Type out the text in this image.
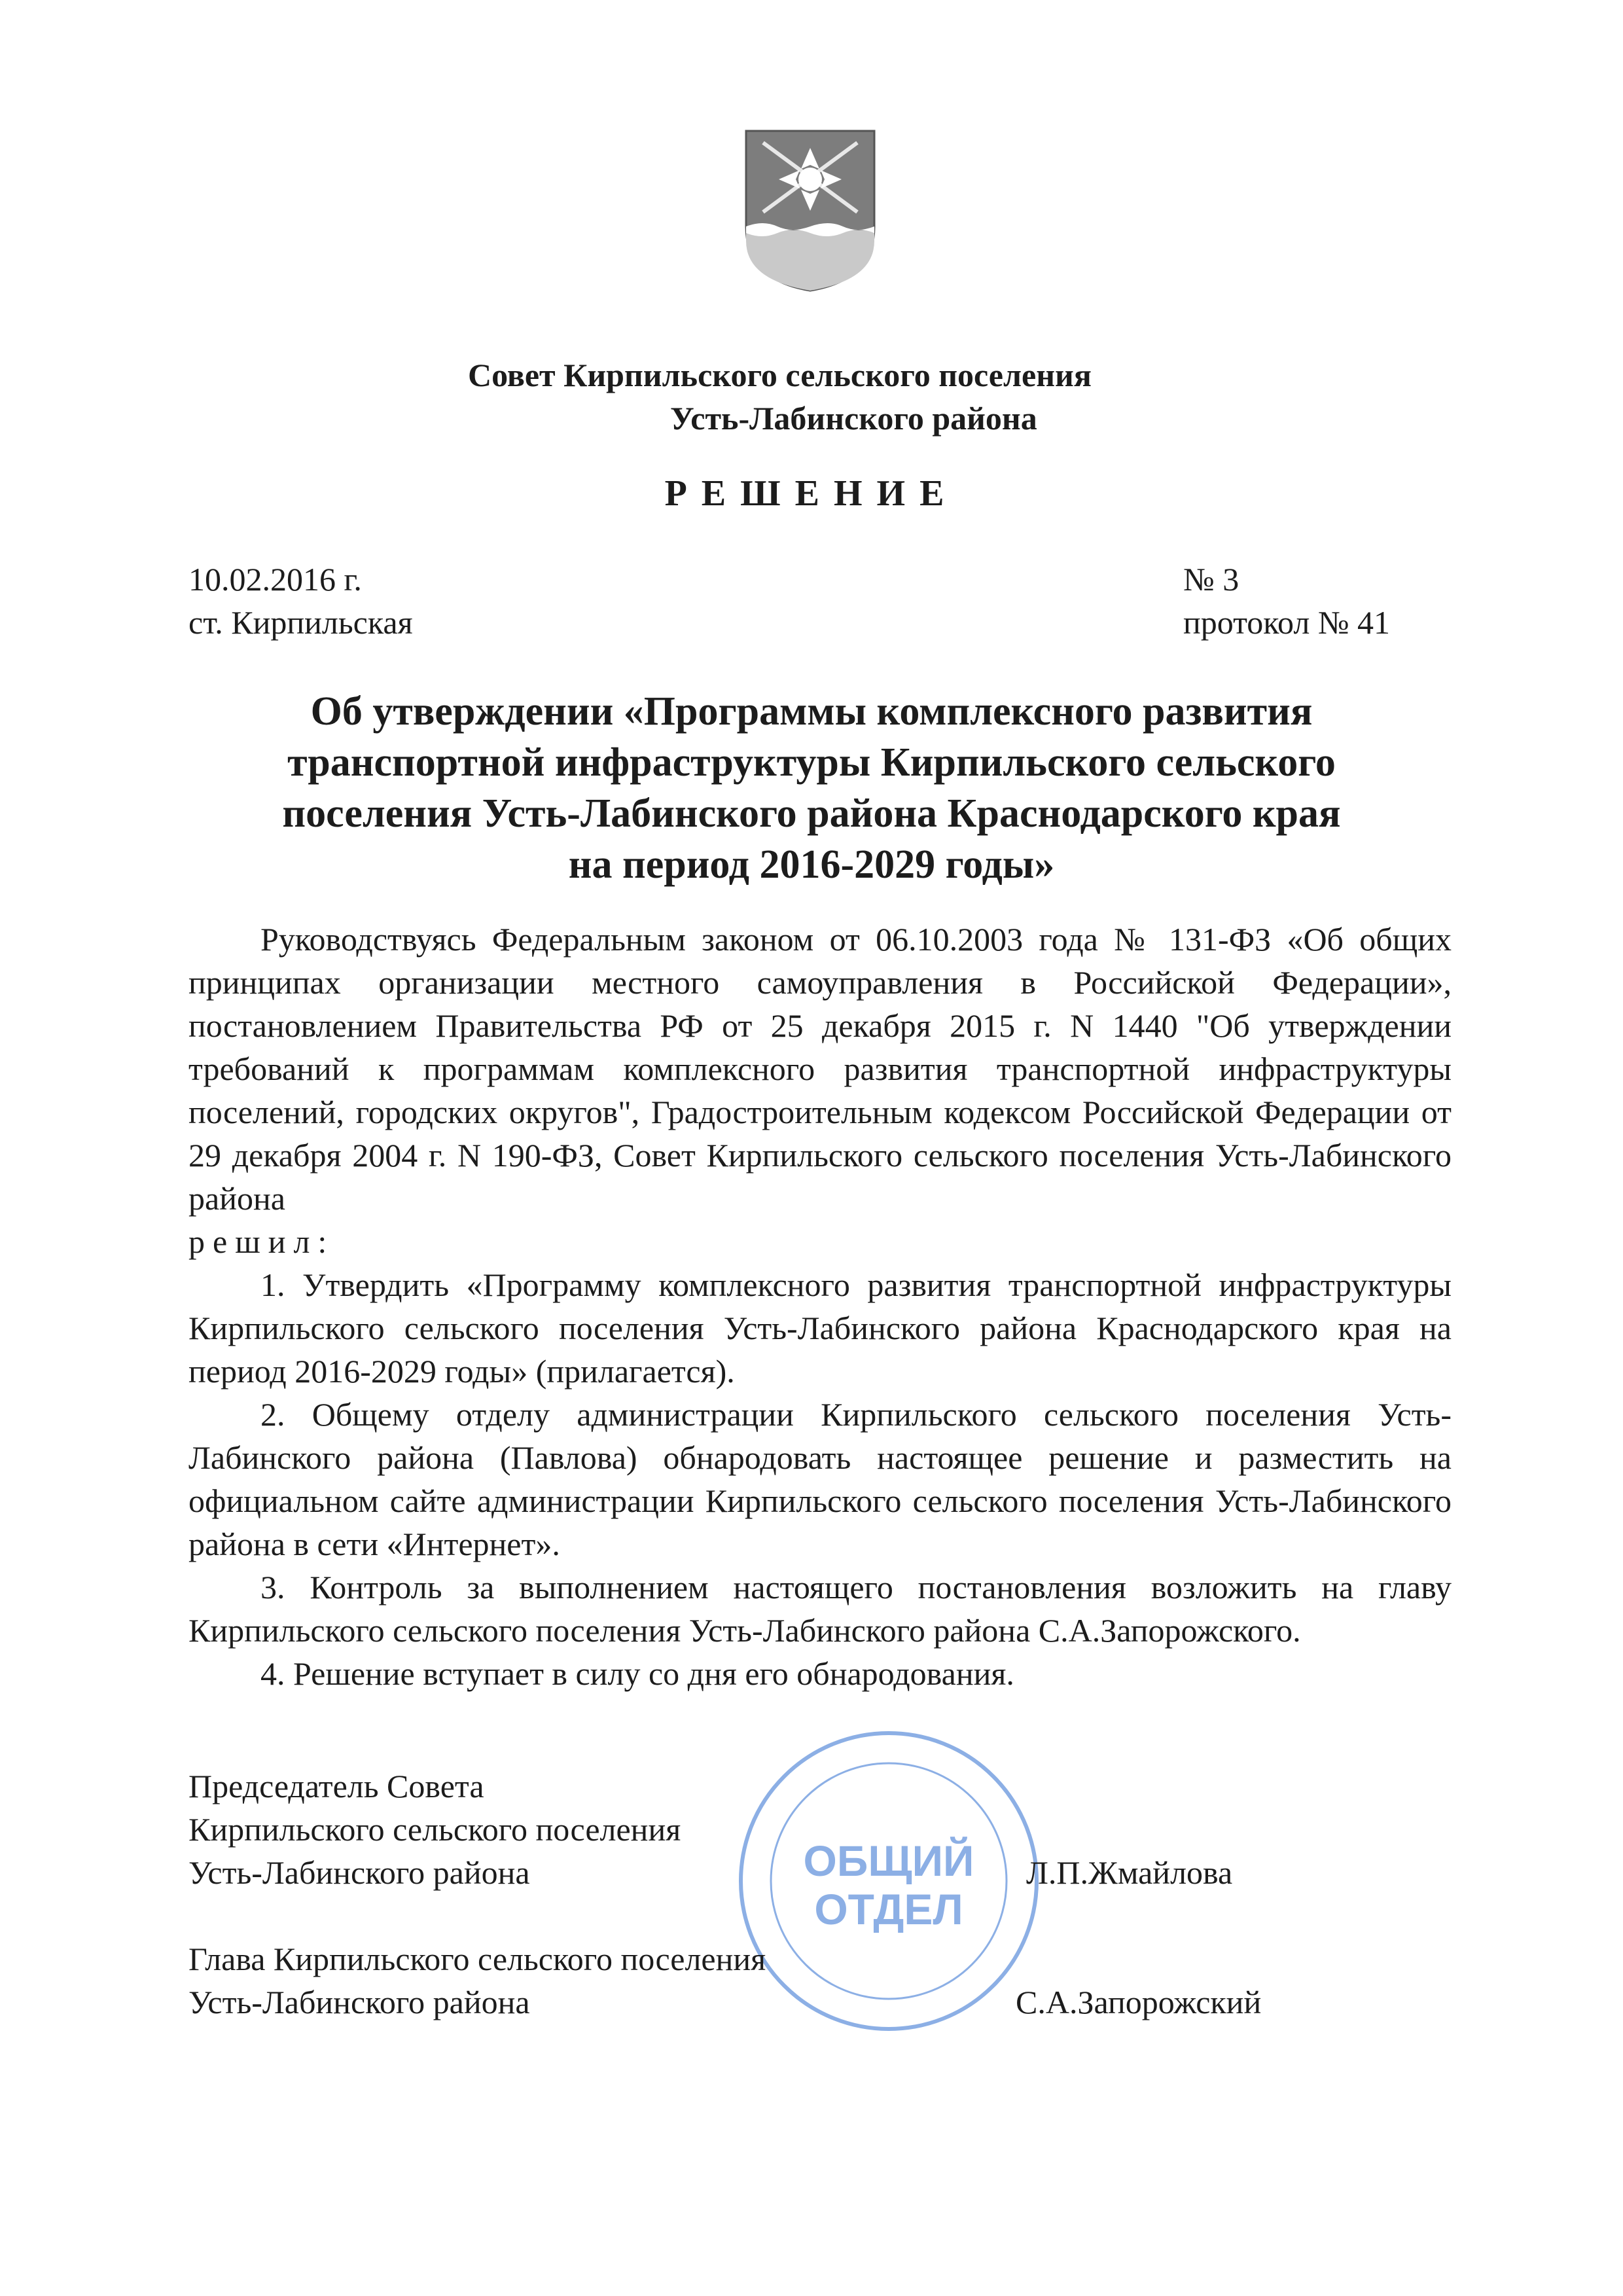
Совет Кирпильского сельского поселения
Усть-Лабинского района
РЕШЕНИЕ
10.02.2016 г.
ст. Кирпильская
№ 3
протокол № 41
Об утверждении «Программы комплексного развития
транспортной инфраструктуры Кирпильского сельского
поселения Усть-Лабинского района Краснодарского края
на период 2016-2029 годы»

Руководствуясь Федеральным законом от 06.10.2003 года № 131-ФЗ «Об общих принципах организации местного самоуправления в Российской Федерации», постановлением Правительства РФ от 25 декабря 2015 г. N 1440 "Об утверждении требований к программам комплексного развития транспортной инфраструктуры поселений, городских округов", Градостроительным кодексом Российской Федерации от 29 декабря 2004 г. N 190-ФЗ, Совет Кирпильского сельского поселения Усть-Лабинского района

решил:

1. Утвердить «Программу комплексного развития транспортной инфраструктуры Кирпильского сельского поселения Усть-Лабинского района Краснодарского края на период 2016-2029 годы» (прилагается).

2. Общему отделу администрации Кирпильского сельского поселения Усть-Лабинского района (Павлова) обнародовать настоящее решение и разместить на официальном сайте администрации Кирпильского сельского поселения Усть-Лабинского района в сети «Интернет».

3. Контроль за выполнением настоящего постановления возложить на главу Кирпильского сельского поселения Усть-Лабинского района С.А.Запорожского.

4. Решение вступает в силу со дня его обнародования.

ОБЩИЙ
ОТДЕЛ
Председатель Совета
Кирпильского сельского поселения
Усть-Лабинского района	Л.П.Жмайлова
Глава Кирпильского сельского поселения
Усть-Лабинского района	С.А.Запорожский
